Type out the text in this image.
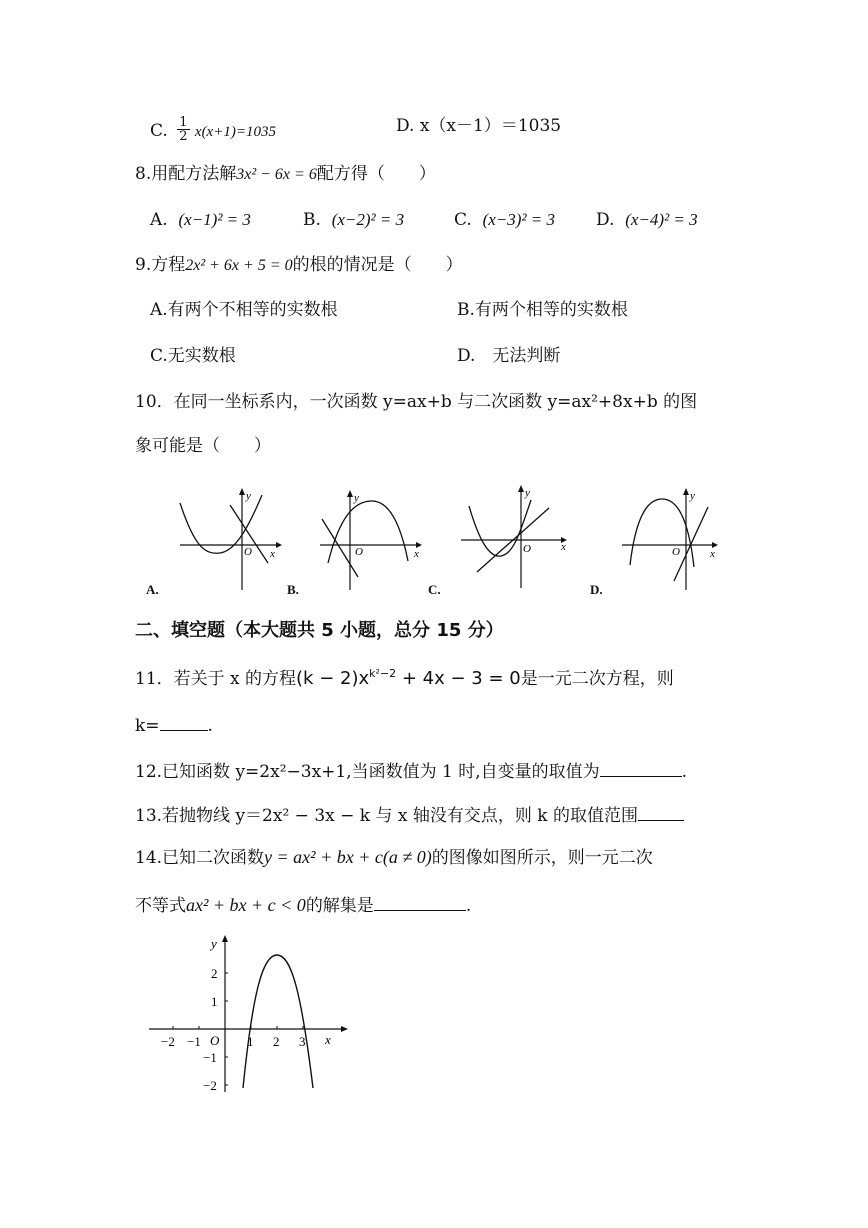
C. $\frac{1}{2} x(x+1)=1035$	D. x（x－1）＝1035
8.用配方法解3x² − 6x = 6配方得（　　）
A. (x−1)² = 3	B. (x−2)² = 3	C. (x−3)² = 3 D. (x−4)² = 3
9.方程2x² + 6x + 5 = 0的根的情况是（　　）
A.有两个不相等的实数根	B.有两个相等的实数根
C.无实数根	D.　无法判断
10．在同一坐标系内，一次函数 y=ax+b 与二次函数 y=ax²+8x+b 的图
象可能是（　　）
y
x
O
A.
y
x
O
B.
y
x
O
C.
y
x
O
D.
二、填空题（本大题共 5 小题，总分 15 分）
11．若关于 x 的方程$(k - 2)x^{k^2-2} + 4x - 3 = 0$是一元二次方程，则
k=	.
12.已知函数 y=2x²−3x+1,当函数值为 1 时,自变量的取值为	.
13.若抛物线 y＝2x² − 3x − k 与 x 轴没有交点，则 k 的取值范围
14.已知二次函数y = ax² + bx + c(a ≠ 0)的图像如图所示，则一元二次
不等式ax² + bx + c < 0的解集是	.
y
x
O
−2 −1	1 2 3
2
1
−1
−2
